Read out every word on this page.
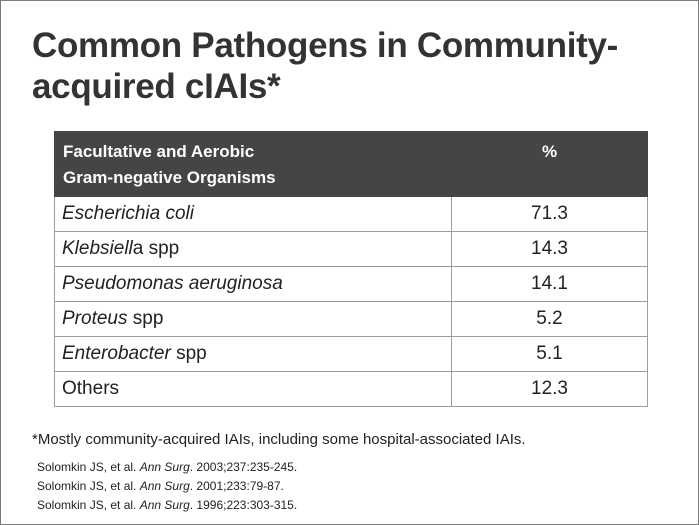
Common Pathogens in Community-
acquired cIAIs*
Facultative and Aerobic
Gram-negative Organisms	%

Escherichia coli	71.3
Klebsiella spp	14.3
Pseudomonas aeruginosa	14.1
Proteus spp	5.2
Enterobacter spp	5.1
Others	12.3
*Mostly community-acquired IAIs, including some hospital-associated IAIs.
Solomkin JS, et al. Ann Surg. 2003;237:235-245.
Solomkin JS, et al. Ann Surg. 2001;233:79-87.
Solomkin JS, et al. Ann Surg. 1996;223:303-315.
